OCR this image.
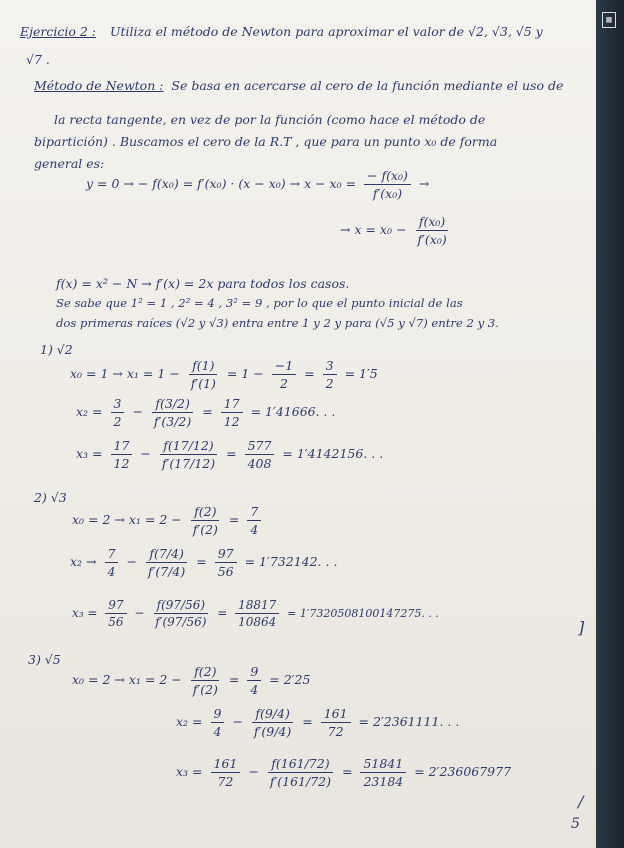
▦
Ejercicio 2 : Utiliza el método de Newton para aproximar el valor de √2, √3, √5 y
√7 .
Método de Newton : Se basa en acercarse al cero de la función mediante el uso de
la recta tangente, en vez de por la función (como hace el método de
bipartición) . Buscamos el cero de la R.T , que para un punto x₀ de forma
general es:
y = 0 → − $f(x_0) = f'(x_0) \cdot (x - x_0) \to x - x_0 = \frac{\text{− f(x₀)}}{\text{f′(x₀)}}$ →
→ $x = x_0 - \frac{\text{f(x₀)}}{\text{f′(x₀)}}$
f(x) = x² − N → f′(x) = 2x para todos los casos.
Se sabe que 1² = 1 , 2² = 4 , 3² = 9 , por lo que el punto inicial de las
dos primeras raíces (√2 y √3) entra entre 1 y 2 y para (√5 y √7) entre 2 y 3.
1) √2
$x_0 = 1 \to x_1 = 1 - \frac{f(1)}{f'(1)} = 1 - \frac{-1}{2} = \frac{3}{2} = 1'5$
$x_2 = \frac{3}{2} - \frac{f(3/2)}{f'(3/2)} = \frac{17}{12} = 1'41666$. . .
$x_3 = \frac{17}{12} - \frac{f(17/12)}{f'(17/12)} = \frac{577}{408} = 1'4142156$. . .
2) √3
$x_0 = 2 \to x_1 = 2 - \frac{f(2)}{f'(2)} = \frac{7}{4}$
$x_2 \to \frac{7}{4} - \frac{f(7/4)}{f'(7/4)} = \frac{97}{56} = 1'732142$. . .
$x_3 = \frac{97}{56} - \frac{f(97/56)}{f'(97/56)} = \frac{18817}{10864} = 1'7320508100147275$. . .
3) √5
$x_0 = 2 \to x_1 = 2 - \frac{f(2)}{f'(2)} = \frac{9}{4} = 2'25$
$x_2 = \frac{9}{4} - \frac{f(9/4)}{f'(9/4)} = \frac{161}{72} = 2'2361111$. . .
$x_3 = \frac{161}{72} - \frac{f(161/72)}{f'(161/72)} = \frac{51841}{23184} = 2'236067977$
]
/
5
